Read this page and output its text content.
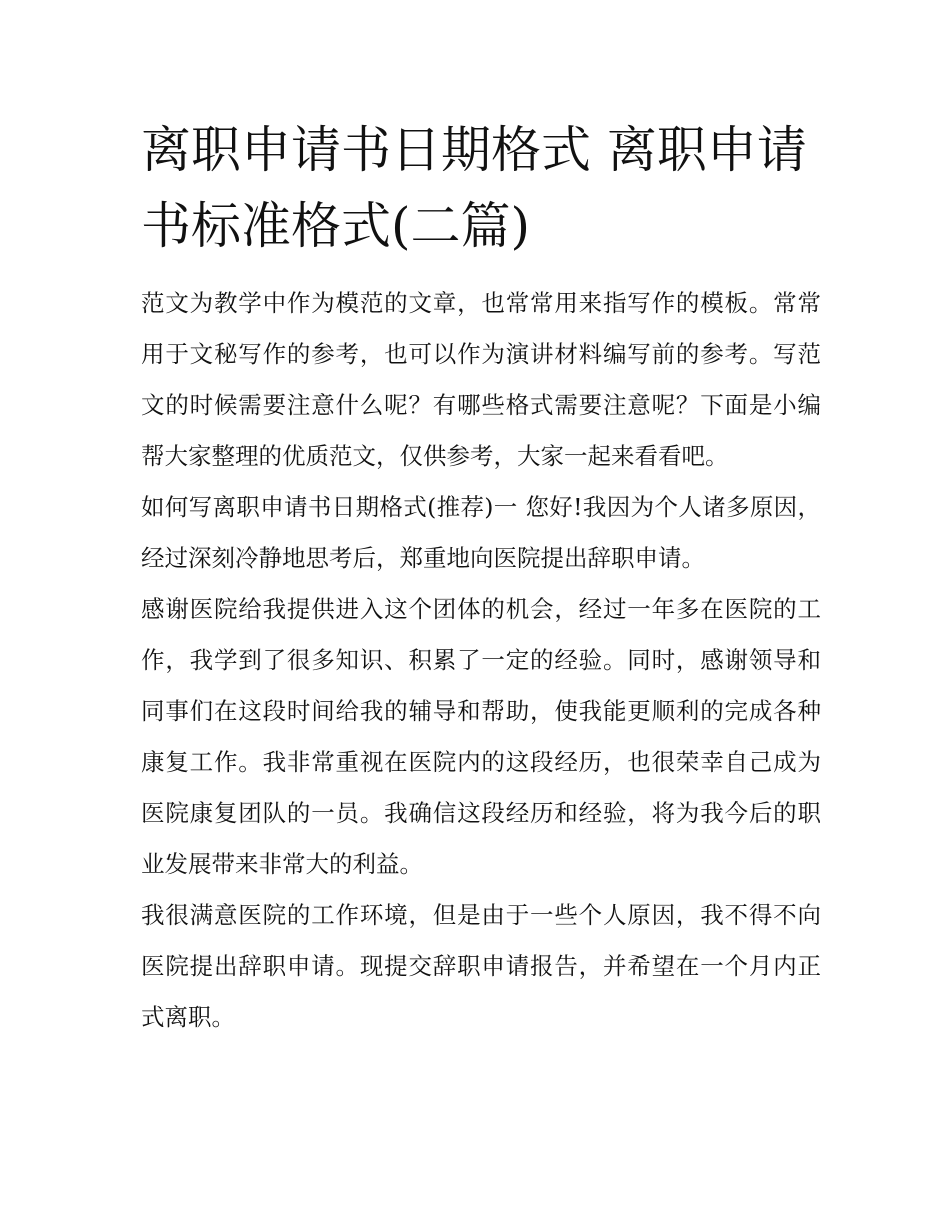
离职申请书日期格式 离职申请书标准格式(二篇)

范文为教学中作为模范的文章，也常常用来指写作的模板。常常用于文秘写作的参考，也可以作为演讲材料编写前的参考。写范文的时候需要注意什么呢？有哪些格式需要注意呢？下面是小编帮大家整理的优质范文，仅供参考，大家一起来看看吧。

如何写离职申请书日期格式(推荐)一 您好!我因为个人诸多原因，经过深刻冷静地思考后，郑重地向医院提出辞职申请。

感谢医院给我提供进入这个团体的机会，经过一年多在医院的工作，我学到了很多知识、积累了一定的经验。同时，感谢领导和同事们在这段时间给我的辅导和帮助，使我能更顺利的完成各种康复工作。我非常重视在医院内的这段经历，也很荣幸自己成为医院康复团队的一员。我确信这段经历和经验，将为我今后的职业发展带来非常大的利益。

我很满意医院的工作环境，但是由于一些个人原因，我不得不向医院提出辞职申请。现提交辞职申请报告，并希望在一个月内正式离职。
